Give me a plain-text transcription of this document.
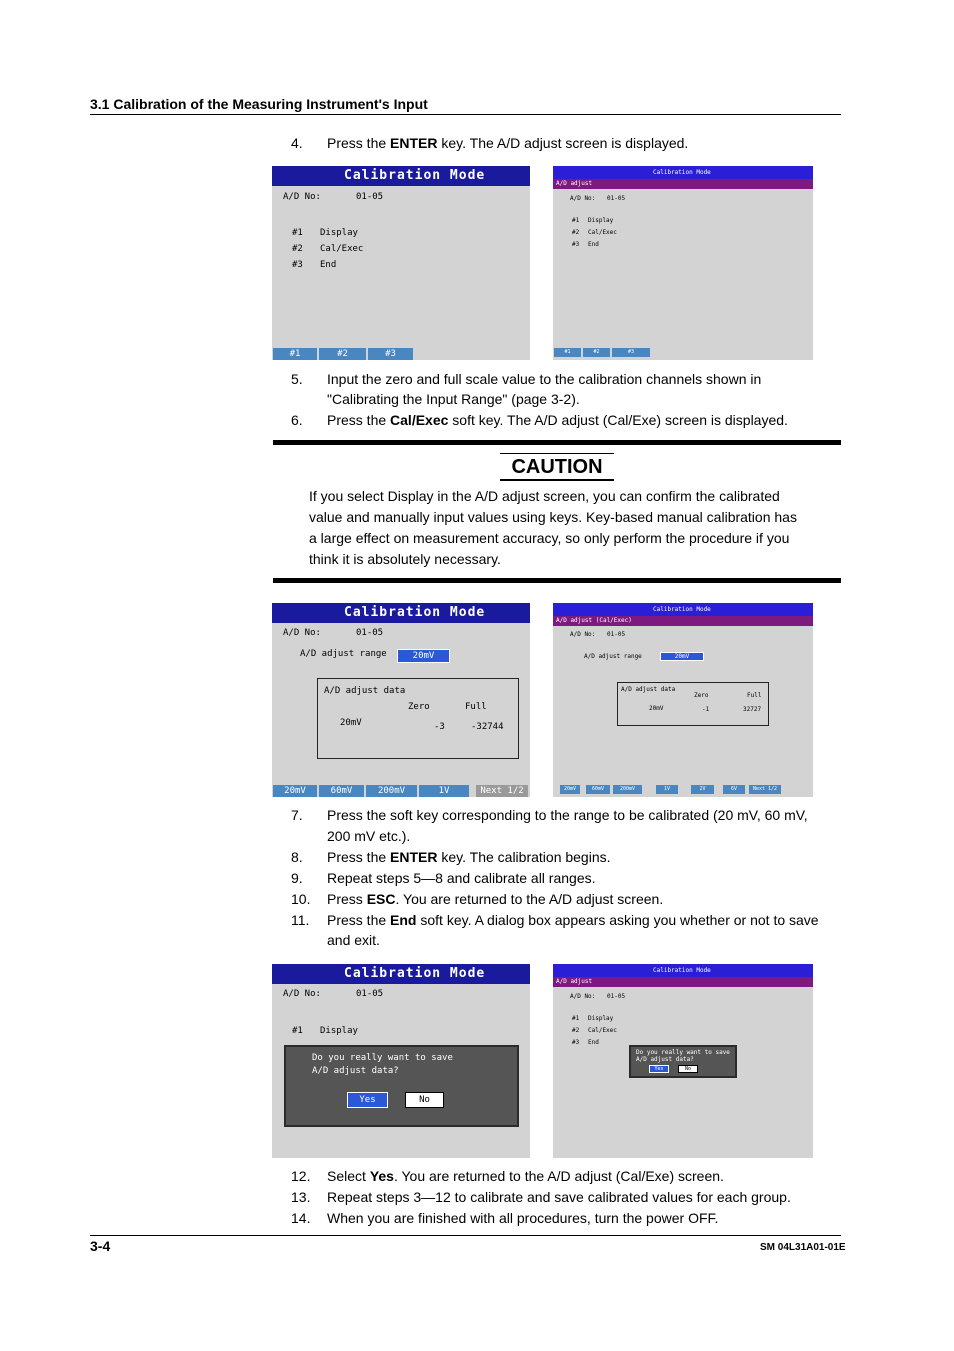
3.1 Calibration of the Measuring Instrument's Input
4. Press the ENTER key. The A/D adjust screen is displayed.
Calibration Mode
A/D No:	01-05
#1 Display
#2 Cal/Exec
#3 End
#1	#2	#3
Calibration Mode
A/D adjust
A/D No: 01-05
#1 Display
#2 Cal/Exec
#3 End
#1	#2	#3
5. Input the zero and full scale value to the calibration channels shown in
"Calibrating the Input Range" (page 3-2).
6. Press the Cal/Exec soft key. The A/D adjust (Cal/Exe) screen is displayed.
CAUTION
If you select Display in the A/D adjust screen, you can confirm the calibrated
value and manually input values using keys. Key-based manual calibration has
a large effect on measurement accuracy, so only perform the procedure if you
think it is absolutely necessary.
Calibration Mode
A/D No:	01-05
A/D adjust range	20mV
A/D adjust data
Zero	Full
20mV	-3	-32744
20mV	60mV	200mV	1V	Next 1/2
Calibration Mode
A/D adjust (Cal/Exec)
A/D No: 01-05
A/D adjust range	20mV
A/D adjust data
Zero	Full
20mV	-1	32727
20mV	60mV	200mV	1V	2V	6V	Next 1/2
7. Press the soft key corresponding to the range to be calibrated (20 mV, 60 mV,
200 mV etc.).
8. Press the ENTER key. The calibration begins.
9. Repeat steps 5—8 and calibrate all ranges.
10. Press ESC. You are returned to the A/D adjust screen.
11. Press the End soft key. A dialog box appears asking you whether or not to save
and exit.
Calibration Mode
A/D No:	01-05
#1 Display
Do you really want to save
A/D adjust data?
Yes	No
Calibration Mode
A/D adjust
A/D No: 01-05
#1 Display
#2 Cal/Exec
#3 End
Do you really want to save
A/D adjust data?
Yes	No
12. Select Yes. You are returned to the A/D adjust (Cal/Exe) screen.
13. Repeat steps 3—12 to calibrate and save calibrated values for each group.
14. When you are finished with all procedures, turn the power OFF.
3-4	SM 04L31A01-01E
